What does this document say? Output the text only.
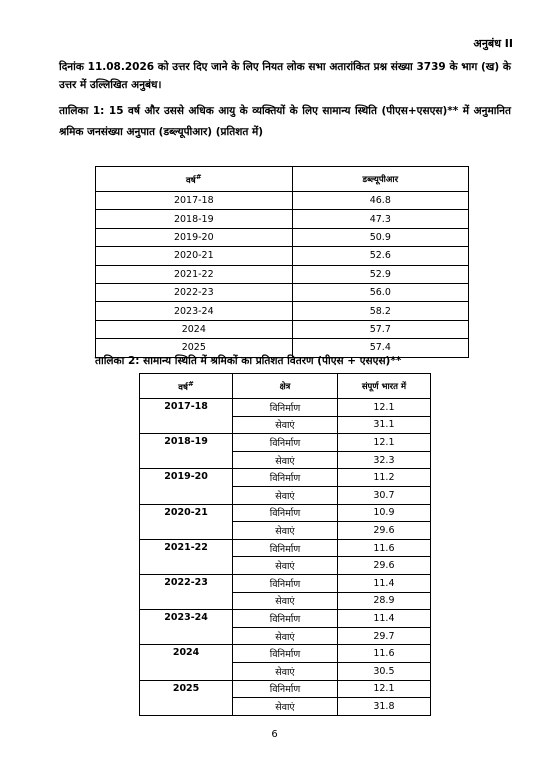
अनुबंध II
दिनांक 11.08.2026 को उत्तर दिए जाने के लिए नियत लोक सभा अतारांकित प्रश्न संख्या 3739 के भाग (ख) के उत्तर में उल्लिखित अनुबंध।
तालिका 1: 15 वर्ष और उससे अधिक आयु के व्यक्तियों के लिए सामान्य स्थिति (पीएस+एसएस)** में अनुमानित श्रमिक जनसंख्या अनुपात (डब्ल्यूपीआर) (प्रतिशत में)
वर्ष#	डब्ल्यूपीआर
2017-18	46.8
2018-19	47.3
2019-20	50.9
2020-21	52.6
2021-22	52.9
2022-23	56.0
2023-24	58.2
2024	57.7
2025	57.4
तालिका 2: सामान्य स्थिति में श्रमिकों का प्रतिशत वितरण (पीएस + एसएस)**
वर्ष#	क्षेत्र	संपूर्ण भारत में
2017-18	विनिर्माण	12.1
	सेवाएं	31.1
2018-19	विनिर्माण	12.1
	सेवाएं	32.3
2019-20	विनिर्माण	11.2
	सेवाएं	30.7
2020-21	विनिर्माण	10.9
	सेवाएं	29.6
2021-22	विनिर्माण	11.6
	सेवाएं	29.6
2022-23	विनिर्माण	11.4
	सेवाएं	28.9
2023-24	विनिर्माण	11.4
	सेवाएं	29.7
2024	विनिर्माण	11.6
	सेवाएं	30.5
2025	विनिर्माण	12.1
	सेवाएं	31.8
6
